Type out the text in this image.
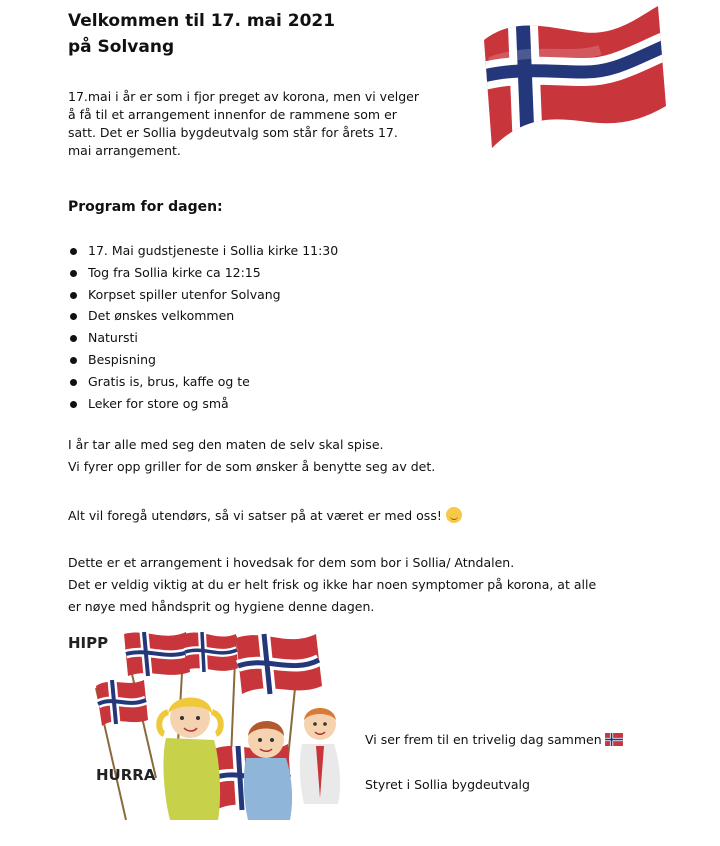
Velkommen til 17. mai 2021
på Solvang

17.mai i år er som i fjor preget av korona, men vi velger
å få til et arrangement innenfor de rammene som er
satt. Det er Sollia bygdeutvalg som står for årets 17.
mai arrangement.

Program for dagen:
17. Mai gudstjeneste i Sollia kirke 11:30
Tog fra Sollia kirke ca 12:15
Korpset spiller utenfor Solvang
Det ønskes velkommen
Natursti
Bespisning
Gratis is, brus, kaffe og te
Leker for store og små

I år tar alle med seg den maten de selv skal spise.
Vi fyrer opp griller for de som ønsker å benytte seg av det.

Alt vil foregå utendørs, så vi satser på at været er med oss!

Dette er et arrangement i hovedsak for dem som bor i Sollia/ Atndalen.
Det er veldig viktig at du er helt frisk og ikke har noen symptomer på korona, at alle
er nøye med håndsprit og hygiene denne dagen.

HIPP
HURRA

Vi ser frem til en trivelig dag sammen

Styret i Sollia bygdeutvalg
